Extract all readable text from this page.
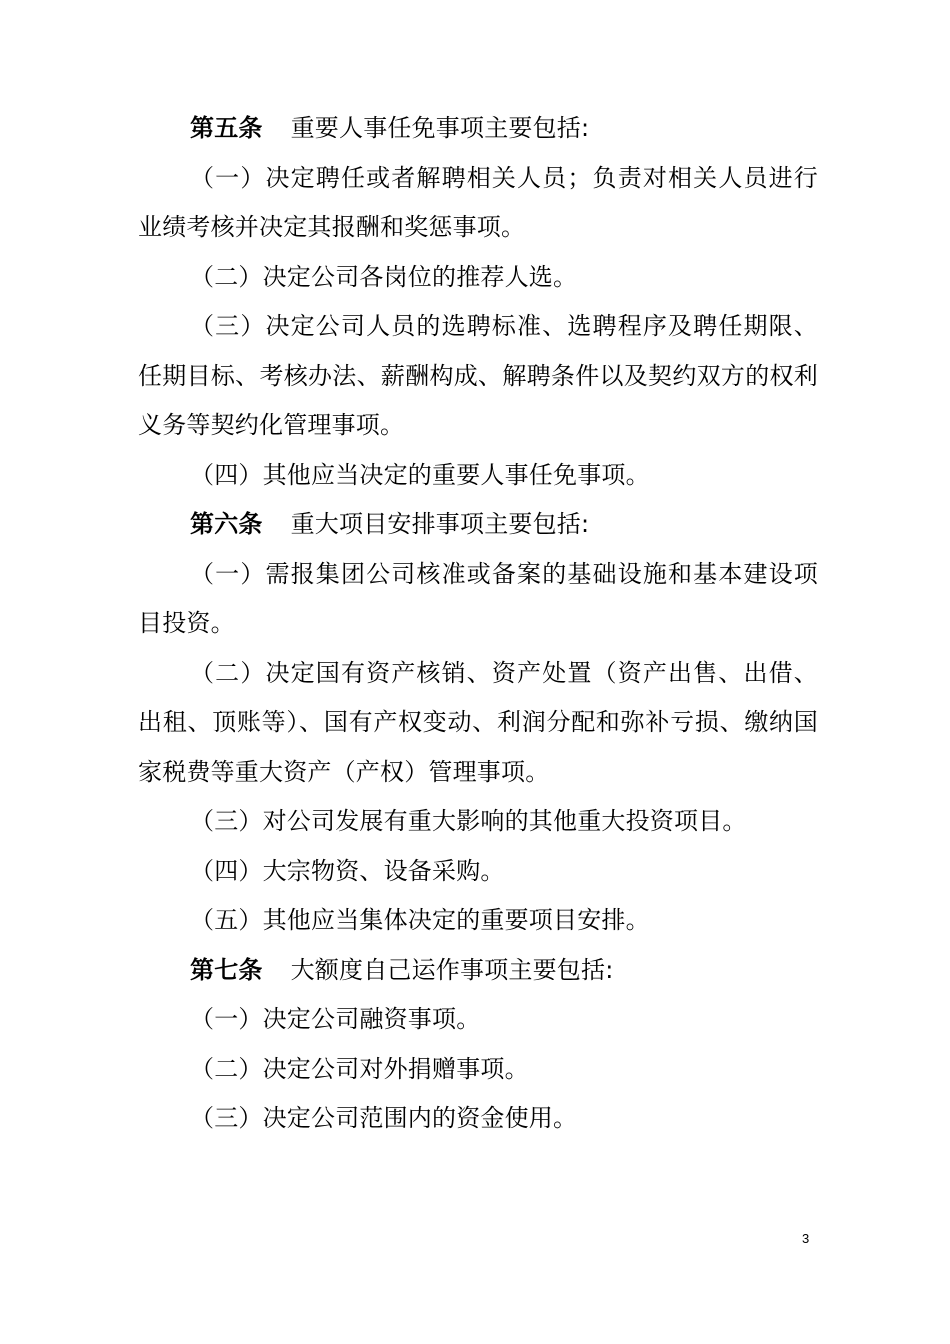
第五条 重要人事任免事项主要包括:

（一）决定聘任或者解聘相关人员；负责对相关人员进行业绩考核并决定其报酬和奖惩事项。

（二）决定公司各岗位的推荐人选。

（三）决定公司人员的选聘标准、选聘程序及聘任期限、任期目标、考核办法、薪酬构成、解聘条件以及契约双方的权利义务等契约化管理事项。

（四）其他应当决定的重要人事任免事项。

第六条 重大项目安排事项主要包括:

（一）需报集团公司核准或备案的基础设施和基本建设项目投资。

（二）决定国有资产核销、资产处置（资产出售、出借、出租、顶账等）、国有产权变动、利润分配和弥补亏损、缴纳国家税费等重大资产（产权）管理事项。

（三）对公司发展有重大影响的其他重大投资项目。

（四）大宗物资、设备采购。

（五）其他应当集体决定的重要项目安排。

第七条 大额度自己运作事项主要包括:

（一）决定公司融资事项。

（二）决定公司对外捐赠事项。

（三）决定公司范围内的资金使用。

3
